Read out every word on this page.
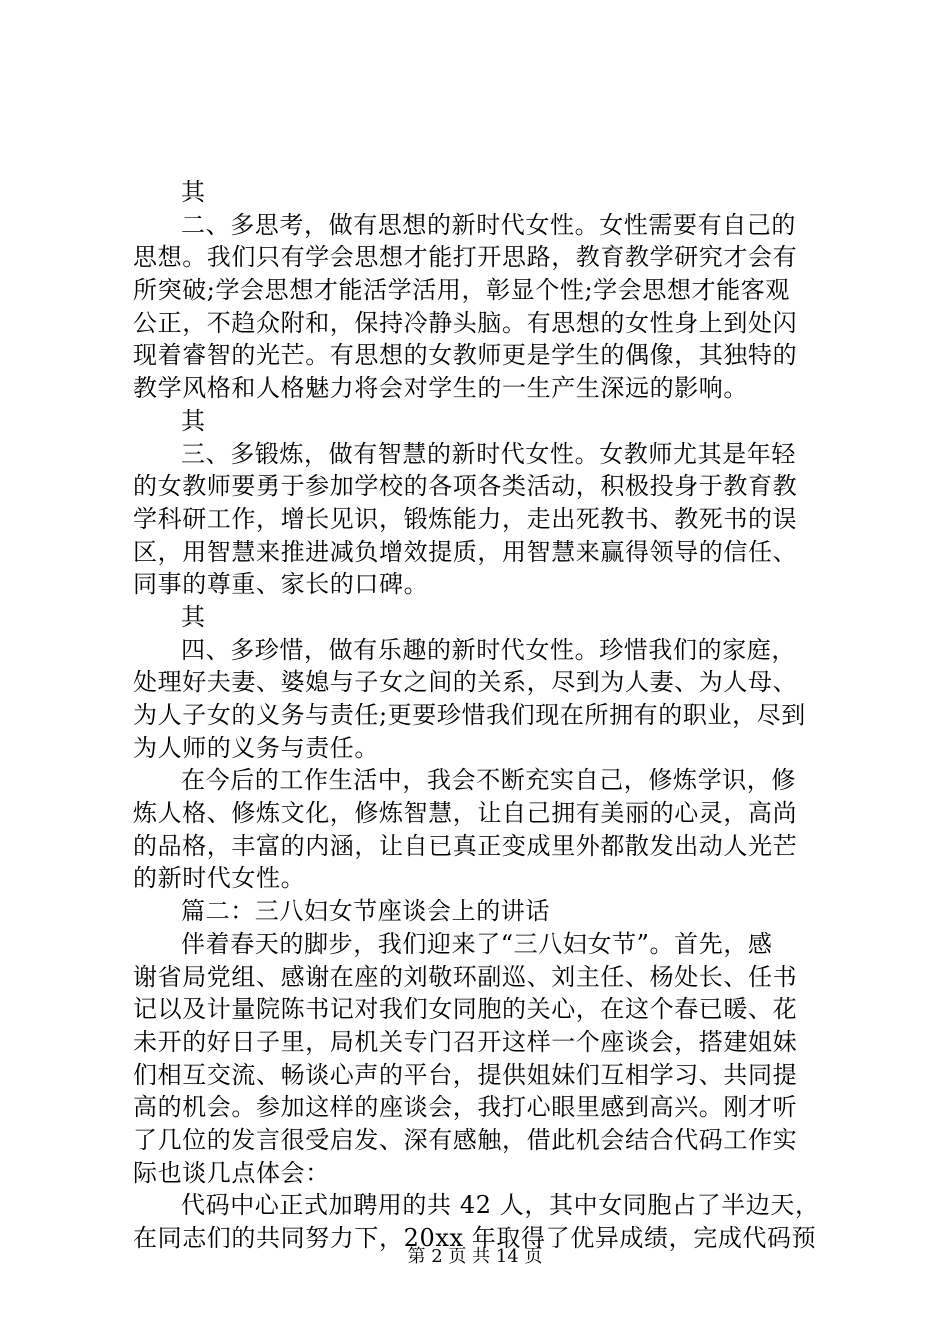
其
二、多思考，做有思想的新时代女性。女性需要有自己的
思想。我们只有学会思想才能打开思路，教育教学研究才会有
所突破;学会思想才能活学活用，彰显个性;学会思想才能客观
公正，不趋众附和，保持冷静头脑。有思想的女性身上到处闪
现着睿智的光芒。有思想的女教师更是学生的偶像，其独特的
教学风格和人格魅力将会对学生的一生产生深远的影响。
其
三、多锻炼，做有智慧的新时代女性。女教师尤其是年轻
的女教师要勇于参加学校的各项各类活动，积极投身于教育教
学科研工作，增长见识，锻炼能力，走出死教书、教死书的误
区，用智慧来推进减负增效提质，用智慧来赢得领导的信任、
同事的尊重、家长的口碑。
其
四、多珍惜，做有乐趣的新时代女性。珍惜我们的家庭，
处理好夫妻、婆媳与子女之间的关系，尽到为人妻、为人母、
为人子女的义务与责任;更要珍惜我们现在所拥有的职业，尽到
为人师的义务与责任。
在今后的工作生活中，我会不断充实自己，修炼学识，修
炼人格、修炼文化，修炼智慧，让自己拥有美丽的心灵，高尚
的品格，丰富的内涵，让自已真正变成里外都散发出动人光芒
的新时代女性。
篇二：三八妇女节座谈会上的讲话
伴着春天的脚步，我们迎来了“三八妇女节”。首先，感
谢省局党组、感谢在座的刘敬环副巡、刘主任、杨处长、任书
记以及计量院陈书记对我们女同胞的关心，在这个春已暖、花
未开的好日子里，局机关专门召开这样一个座谈会，搭建姐妹
们相互交流、畅谈心声的平台，提供姐妹们互相学习、共同提
高的机会。参加这样的座谈会，我打心眼里感到高兴。刚才听
了几位的发言很受启发、深有感触，借此机会结合代码工作实
际也谈几点体会：
代码中心正式加聘用的共 42 人，其中女同胞占了半边天，
在同志们的共同努力下，20xx 年取得了优异成绩，完成代码预
第 2 页 共 14 页
